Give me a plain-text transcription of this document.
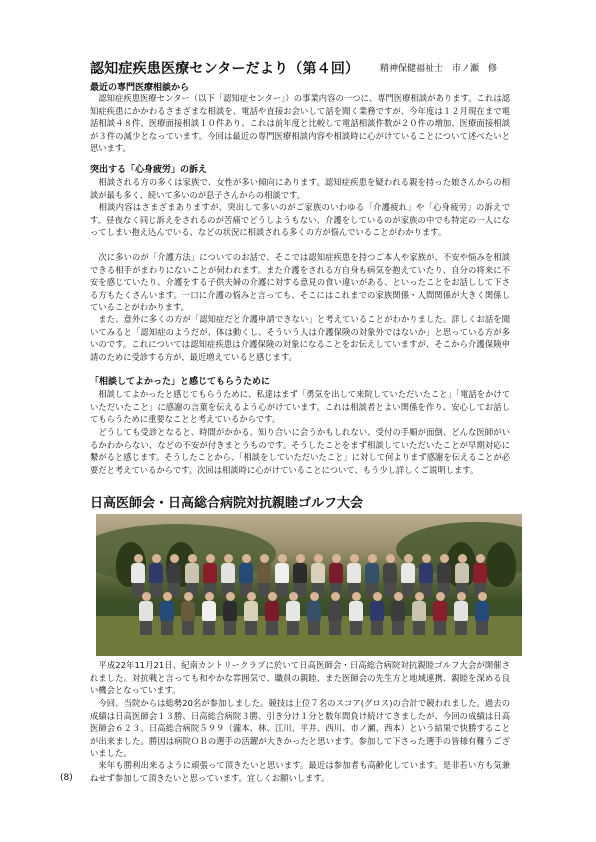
認知症疾患医療センターだより（第４回） 精神保健福祉士　市ノ瀬　修
最近の専門医療相談から

　認知症疾患医療センター（以下「認知症センター」）の事業内容の一つに、専門医療相談があります。これは認知症疾患にかかわるさまざまな相談を、電話や直接お会いして話を聞く業務ですが、今年度は１２月現在まで電話相談４８件、医療面接相談１０件あり、これは前年度と比較して電話相談件数が２０件の増加、医療面接相談が３件の減少となっています。今回は最近の専門医療相談内容や相談時に心がけていることについて述べたいと思います。

突出する「心身疲労」の訴え

　相談される方の多くは家族で、女性が多い傾向にあります。認知症疾患を疑われる親を持った娘さんからの相談が最も多く、続いて多いのが息子さんからの相談です。

　相談内容はさまざまありますが、突出して多いのがご家族のいわゆる「介護疲れ」や「心身疲労」の訴えです。昼夜なく同じ訴えをされるのが苦痛でどうしようもない、介護をしているのが家族の中でも特定の一人になってしまい抱え込んでいる、などの状況に相談される多くの方が悩んでいることがわかります。

　次に多いのが「介護方法」についてのお話で、そこでは認知症疾患を持つご本人や家族が、不安や悩みを相談できる相手がまわりにないことが伺われます。また介護をされる方自身も病気を抱えていたり、自分の将来に不安を感じていたり、介護をする子供夫婦の介護に対する意見の食い違いがある、といったことをお話しして下さる方もたくさんいます。一口に介護の悩みと言っても、そこにはこれまでの家族関係・人間関係が大きく関係していることがわかります。

　また、意外に多くの方が「認知症だと介護申請できない」と考えていることがわかりました。詳しくお話を聞いてみると「認知症のようだが、体は動くし、そういう人は介護保険の対象外ではないか」と思っている方が多いのです。これについては認知症疾患は介護保険の対象になることをお伝えしていますが、そこから介護保険申請のために受診する方が、最近増えていると感じます。

「相談してよかった」と感じてもらうために

　相談してよかったと感じてもらうために、私達はまず「勇気を出して来院していただいたこと」「電話をかけていただいたこと」に感謝の言葉を伝えるよう心がけています。これは相談者とよい関係を作り、安心してお話してもらうために重要なことと考えているからです。

　どうしても受診となると、時間がかかる、知り合いに会うかもしれない、受付の手順が面倒、どんな医師がいるかわからない、などの不安が付きまとうものです。そうしたことをまず相談していただいたことが早期対応に繋がると感じます。そうしたことから、「相談をしていただいたこと」に対して何よりまず感謝を伝えることが必要だと考えているからです。次回は相談時に心がけていることについて、もう少し詳しくご説明します。

日高医師会・日高総合病院対抗親睦ゴルフ大会

　平成22年11月21日、紀南カントリークラブに於いて日高医師会・日高総合病院対抗親睦ゴルフ大会が開催されました。対抗戦と言っても和やかな雰囲気で、職員の親睦、また医師会の先生方と地域連携、親睦を深める良い機会となっています。

　今回、当院からは総勢20名が参加しました。競技は上位７名のスコア(グロス)の合計で競われました。過去の成績は日高医師会１３勝、日高総合病院３勝、引き分け１分と数年間負け続けてきましたが、今回の成績は日高医師会６２３、日高総合病院５９９（瀧本、林、江川、平井、西川、市ノ瀬、西本）という結果で快勝することが出来ました。勝因は病院ＯＢの選手の活躍が大きかったと思います。参加して下さった選手の皆様有難うございました。

　来年も勝利出来るように頑張って頂きたいと思います。最近は参加者も高齢化しています。是非若い方も気兼ねせず参加して頂きたいと思っています。宜しくお願いします。

(8)
